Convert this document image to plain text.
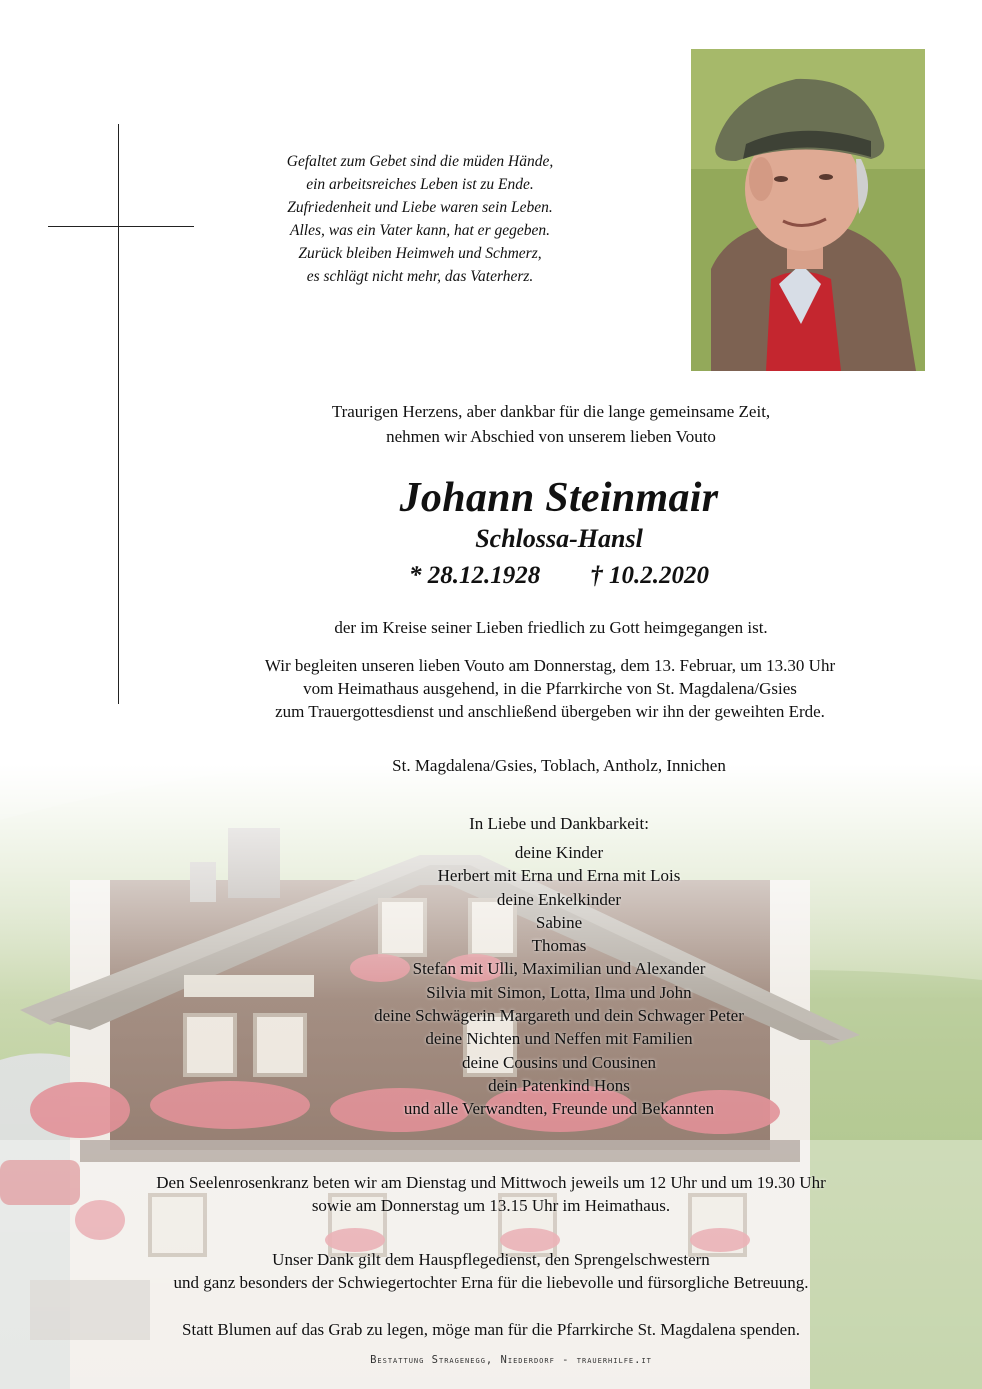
Gefaltet zum Gebet sind die müden Hände,
ein arbeitsreiches Leben ist zu Ende.
Zufriedenheit und Liebe waren sein Leben.
Alles, was ein Vater kann, hat er gegeben.
Zurück bleiben Heimweh und Schmerz,
es schlägt nicht mehr, das Vaterherz.
Traurigen Herzens, aber dankbar für die lange gemeinsame Zeit,
nehmen wir Abschied von unserem lieben Vouto
Johann Steinmair
Schlossa-Hansl
* 28.12.1928 † 10.2.2020
der im Kreise seiner Lieben friedlich zu Gott heimgegangen ist.
Wir begleiten unseren lieben Vouto am Donnerstag, dem 13. Februar, um 13.30 Uhr
vom Heimathaus ausgehend, in die Pfarrkirche von St. Magdalena/Gsies
zum Trauergottesdienst und anschließend übergeben wir ihn der geweihten Erde.
St. Magdalena/Gsies, Toblach, Antholz, Innichen
In Liebe und Dankbarkeit:
deine Kinder
Herbert mit Erna und Erna mit Lois
deine Enkelkinder
Sabine
Thomas
Stefan mit Ulli, Maximilian und Alexander
Silvia mit Simon, Lotta, Ilma und John
deine Schwägerin Margareth und dein Schwager Peter
deine Nichten und Neffen mit Familien
deine Cousins und Cousinen
dein Patenkind Hons
und alle Verwandten, Freunde und Bekannten
Den Seelenrosenkranz beten wir am Dienstag und Mittwoch jeweils um 12 Uhr und um 19.30 Uhr
sowie am Donnerstag um 13.15 Uhr im Heimathaus.
Unser Dank gilt dem Hauspflegedienst, den Sprengelschwestern
und ganz besonders der Schwiegertochter Erna für die liebevolle und fürsorgliche Betreuung.
Statt Blumen auf das Grab zu legen, möge man für die Pfarrkirche St. Magdalena spenden.
Bestattung Stragenegg, Niederdorf - trauerhilfe.it
